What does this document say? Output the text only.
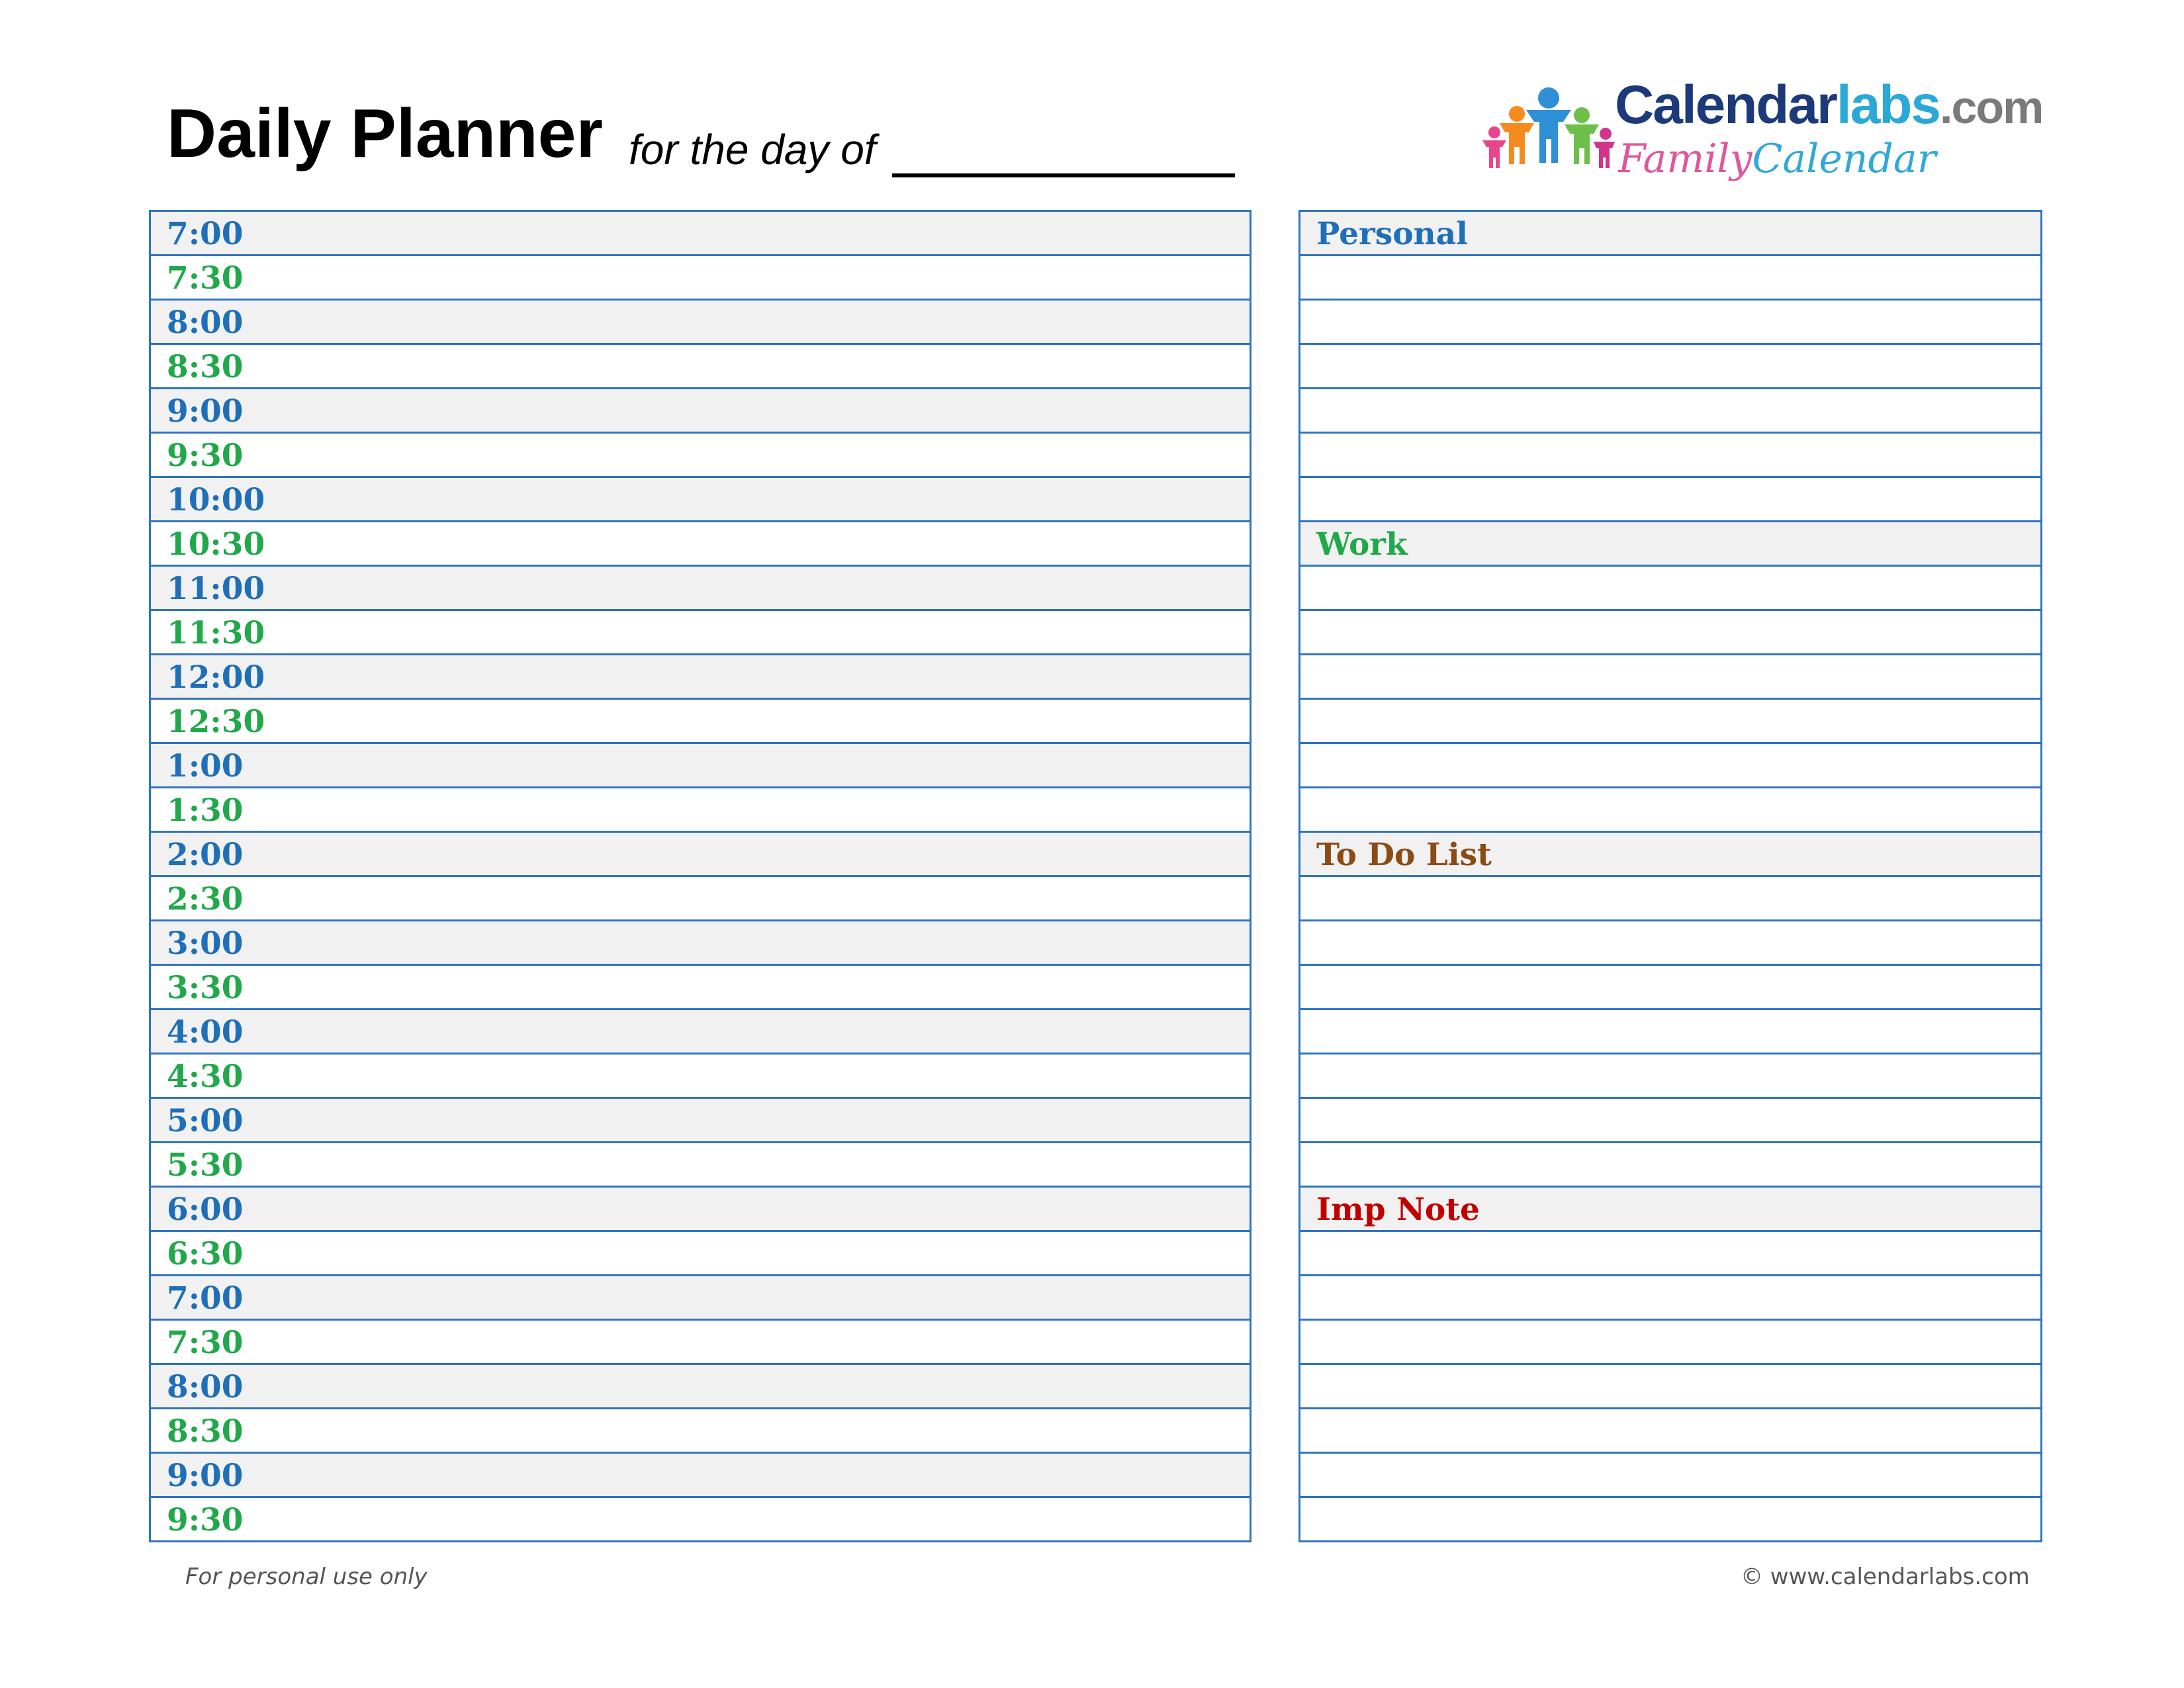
Daily Planner for the day of
Calendarlabs.com
FamilyCalendar
7:00
7:30
8:00
8:30
9:00
9:30
10:00
10:30
11:00
11:30
12:00
12:30
1:00
1:30
2:00
2:30
3:00
3:30
4:00
4:30
5:00
5:30
6:00
6:30
7:00
7:30
8:00
8:30
9:00
9:30
Personal
Work
To Do List
Imp Note
For personal use only	© www.calendarlabs.com
